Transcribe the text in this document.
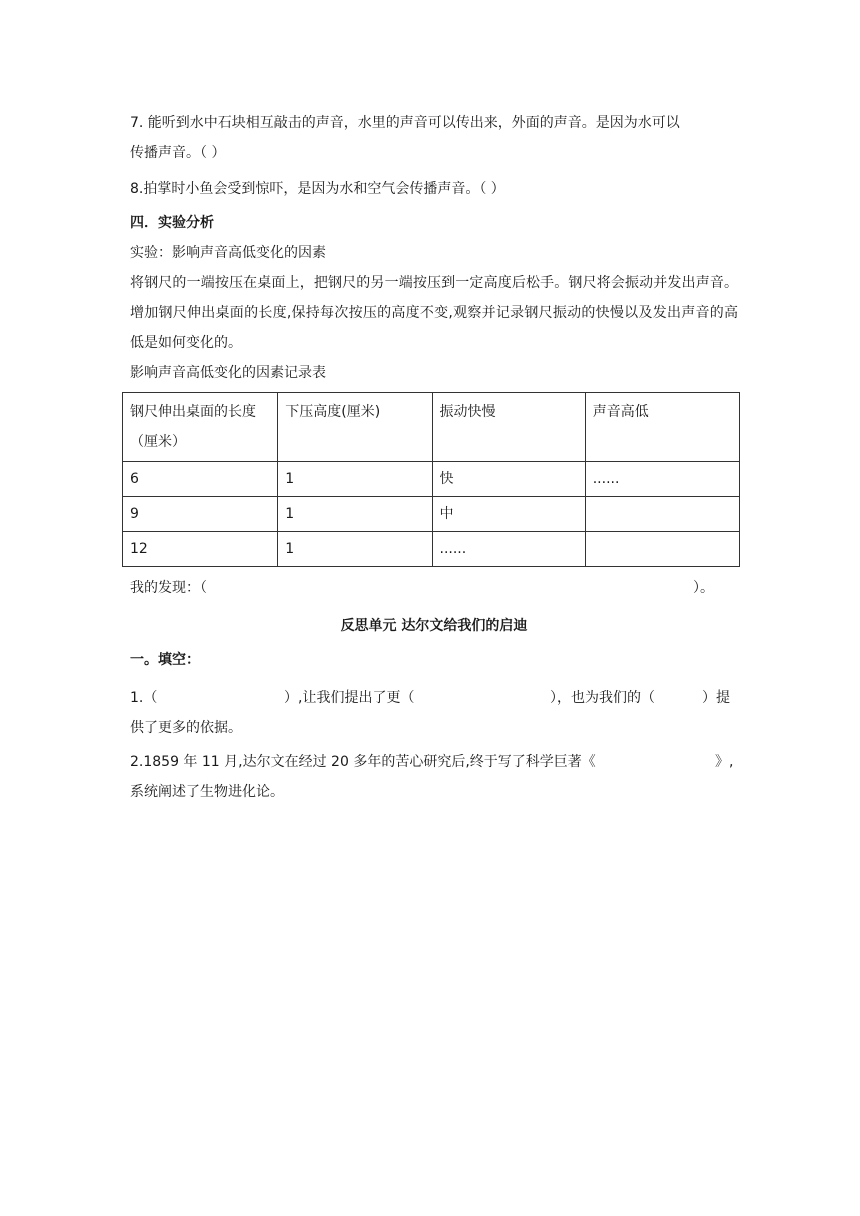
7. 能听到水中石块相互敲击的声音，水里的声音可以传出来，外面的声音。是因为水可以

传播声音。（ ）

8.拍掌时小鱼会受到惊吓，是因为水和空气会传播声音。（ ）

四．实验分析

实验：影响声音高低变化的因素

将钢尺的一端按压在桌面上，把钢尺的另一端按压到一定高度后松手。钢尺将会振动并发出声音。增加钢尺伸出桌面的长度,保持每次按压的高度不变,观察并记录钢尺振动的快慢以及发出声音的高低是如何变化的。

影响声音高低变化的因素记录表

钢尺伸出桌面的长度（厘米）	下压高度(厘米)	振动快慢	声音高低
6	1	快	......
9	1	中	
12	1	......	
我的发现：（	）。

反思单元 达尔文给我们的启迪

一。填空：

1.（	）,让我们提出了更（	），也为我们的（	）提

供了更多的依据。

2.1859 年 11 月,达尔文在经过 20 多年的苦心研究后,终于写了科学巨著《	》,

系统阐述了生物进化论。
